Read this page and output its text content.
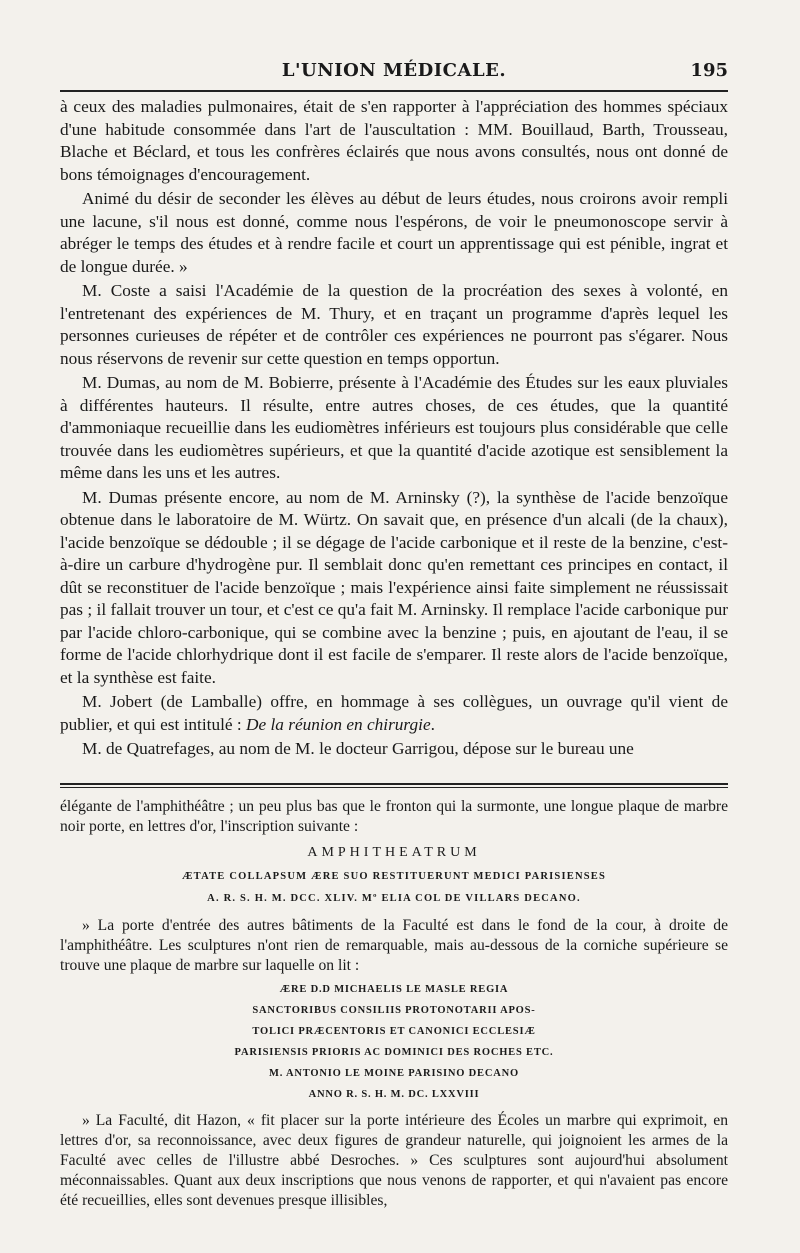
L'UNION MÉDICALE.	195

à ceux des maladies pulmonaires, était de s'en rapporter à l'appréciation des hommes spéciaux d'une habitude consommée dans l'art de l'auscultation : MM. Bouillaud, Barth, Trousseau, Blache et Béclard, et tous les confrères éclairés que nous avons consultés, nous ont donné de bons témoignages d'encouragement.

Animé du désir de seconder les élèves au début de leurs études, nous croirons avoir rempli une lacune, s'il nous est donné, comme nous l'espérons, de voir le pneumonoscope servir à abréger le temps des études et à rendre facile et court un apprentissage qui est pénible, ingrat et de longue durée. »

M. Coste a saisi l'Académie de la question de la procréation des sexes à volonté, en l'entretenant des expériences de M. Thury, et en traçant un programme d'après lequel les personnes curieuses de répéter et de contrôler ces expériences ne pourront pas s'égarer. Nous nous réservons de revenir sur cette question en temps opportun.

M. Dumas, au nom de M. Bobierre, présente à l'Académie des Études sur les eaux pluviales à différentes hauteurs. Il résulte, entre autres choses, de ces études, que la quantité d'ammoniaque recueillie dans les eudiomètres inférieurs est toujours plus considérable que celle trouvée dans les eudiomètres supérieurs, et que la quantité d'acide azotique est sensiblement la même dans les uns et les autres.

M. Dumas présente encore, au nom de M. Arninsky (?), la synthèse de l'acide benzoïque obtenue dans le laboratoire de M. Würtz. On savait que, en présence d'un alcali (de la chaux), l'acide benzoïque se dédouble ; il se dégage de l'acide carbonique et il reste de la benzine, c'est-à-dire un carbure d'hydrogène pur. Il semblait donc qu'en remettant ces principes en contact, il dût se reconstituer de l'acide benzoïque ; mais l'expérience ainsi faite simplement ne réussissait pas ; il fallait trouver un tour, et c'est ce qu'a fait M. Arninsky. Il remplace l'acide carbonique pur par l'acide chloro-carbonique, qui se combine avec la benzine ; puis, en ajoutant de l'eau, il se forme de l'acide chlorhydrique dont il est facile de s'emparer. Il reste alors de l'acide benzoïque, et la synthèse est faite.

M. Jobert (de Lamballe) offre, en hommage à ses collègues, un ouvrage qu'il vient de publier, et qui est intitulé : De la réunion en chirurgie.

M. de Quatrefages, au nom de M. le docteur Garrigou, dépose sur le bureau une

élégante de l'amphithéâtre ; un peu plus bas que le fronton qui la surmonte, une longue plaque de marbre noir porte, en lettres d'or, l'inscription suivante :

AMPHITHEATRUM
ÆTATE COLLAPSUM ÆRE SUO RESTITUERUNT MEDICI PARISIENSES
A. R. S. H. M. DCC. XLIV. Mº ELIA COL DE VILLARS DECANO.

» La porte d'entrée des autres bâtiments de la Faculté est dans le fond de la cour, à droite de l'amphithéâtre. Les sculptures n'ont rien de remarquable, mais au-dessous de la corniche supérieure se trouve une plaque de marbre sur laquelle on lit :

ÆRE D.D MICHAELIS LE MASLE REGIA
SANCTORIBUS CONSILIIS PROTONOTARII APOS-
TOLICI PRÆCENTORIS ET CANONICI ECCLESIÆ
PARISIENSIS PRIORIS AC DOMINICI DES ROCHES ETC.
M. ANTONIO LE MOINE PARISINO DECANO
ANNO R. S. H. M. DC. LXXVIII

» La Faculté, dit Hazon, « fit placer sur la porte intérieure des Écoles un marbre qui exprimoit, en lettres d'or, sa reconnoissance, avec deux figures de grandeur naturelle, qui joignoient les armes de la Faculté avec celles de l'illustre abbé Desroches. » Ces sculptures sont aujourd'hui absolument méconnaissables. Quant aux deux inscriptions que nous venons de rapporter, et qui n'avaient pas encore été recueillies, elles sont devenues presque illisibles,
